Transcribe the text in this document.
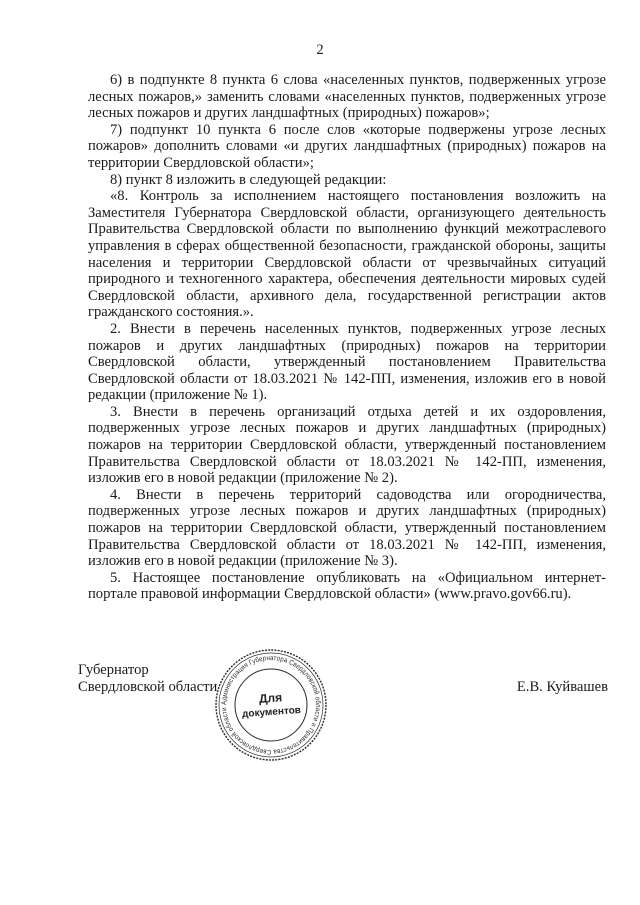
2

6) в подпункте 8 пункта 6 слова «населенных пунктов, подверженных угрозе лесных пожаров,» заменить словами «населенных пунктов, подверженных угрозе лесных пожаров и других ландшафтных (природных) пожаров»;

7) подпункт 10 пункта 6 после слов «которые подвержены угрозе лесных пожаров» дополнить словами «и других ландшафтных (природных) пожаров на территории Свердловской области»;

8) пункт 8 изложить в следующей редакции:

«8. Контроль за исполнением настоящего постановления возложить на Заместителя Губернатора Свердловской области, организующего деятельность Правительства Свердловской области по выполнению функций межотраслевого управления в сферах общественной безопасности, гражданской обороны, защиты населения и территории Свердловской области от чрезвычайных ситуаций природного и техногенного характера, обеспечения деятельности мировых судей Свердловской области, архивного дела, государственной регистрации актов гражданского состояния.».

2. Внести в перечень населенных пунктов, подверженных угрозе лесных пожаров и других ландшафтных (природных) пожаров на территории Свердловской области, утвержденный постановлением Правительства Свердловской области от 18.03.2021 № 142-ПП, изменения, изложив его в новой редакции (приложение № 1).

3. Внести в перечень организаций отдыха детей и их оздоровления, подверженных угрозе лесных пожаров и других ландшафтных (природных) пожаров на территории Свердловской области, утвержденный постановлением Правительства Свердловской области от 18.03.2021 № 142-ПП, изменения, изложив его в новой редакции (приложение № 2).

4. Внести в перечень территорий садоводства или огородничества, подверженных угрозе лесных пожаров и других ландшафтных (природных) пожаров на территории Свердловской области, утвержденный постановлением Правительства Свердловской области от 18.03.2021 № 142-ПП, изменения, изложив его в новой редакции (приложение № 3).

5. Настоящее постановление опубликовать на «Официальном интернет-портале правовой информации Свердловской области» (www.pravo.gov66.ru).

Губернатор
Свердловской области	Е.В. Куйвашев
Администрация Губернатора Свердловской области и Правительства Свердловской области
Для
документов
